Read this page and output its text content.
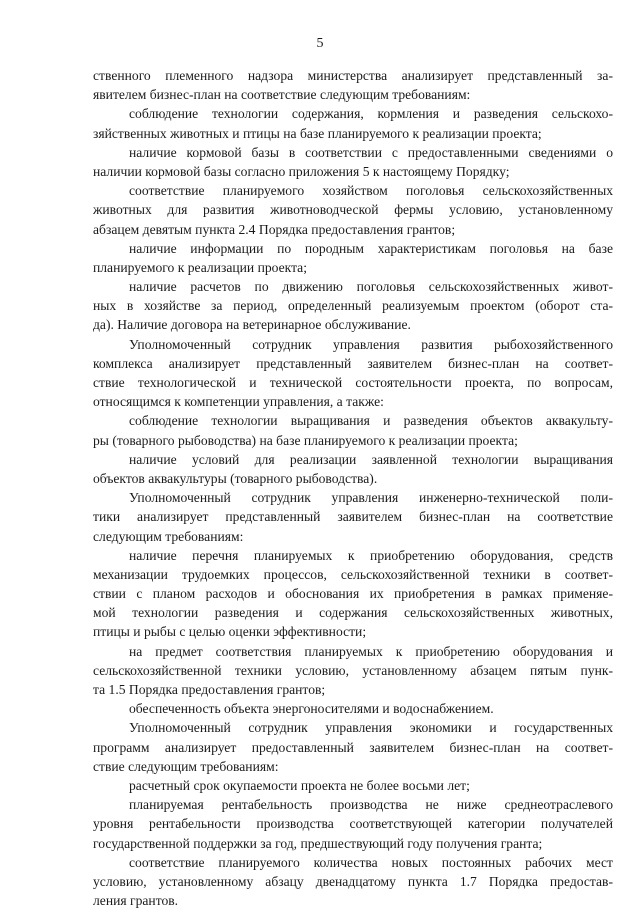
5
ственного племенного надзора министерства анализирует представленный за-
явителем бизнес-план на соответствие следующим требованиям:
соблюдение технологии содержания, кормления и разведения сельскохо-
зяйственных животных и птицы на базе планируемого к реализации проекта;
наличие кормовой базы в соответствии с предоставленными сведениями о
наличии кормовой базы согласно приложения 5 к настоящему Порядку;
соответствие планируемого хозяйством поголовья сельскохозяйственных
животных для развития животноводческой фермы условию, установленному
абзацем девятым пункта 2.4 Порядка предоставления грантов;
наличие информации по породным характеристикам поголовья на базе
планируемого к реализации проекта;
наличие расчетов по движению поголовья сельскохозяйственных живот-
ных в хозяйстве за период, определенный реализуемым проектом (оборот ста-
да). Наличие договора на ветеринарное обслуживание.
Уполномоченный сотрудник управления развития рыбохозяйственного
комплекса анализирует представленный заявителем бизнес-план на соответ-
ствие технологической и технической состоятельности проекта, по вопросам,
относящимся к компетенции управления, а также:
соблюдение технологии выращивания и разведения объектов аквакульту-
ры (товарного рыбоводства) на базе планируемого к реализации проекта;
наличие условий для реализации заявленной технологии выращивания
объектов аквакультуры (товарного рыбоводства).
Уполномоченный сотрудник управления инженерно-технической поли-
тики анализирует представленный заявителем бизнес-план на соответствие
следующим требованиям:
наличие перечня планируемых к приобретению оборудования, средств
механизации трудоемких процессов, сельскохозяйственной техники в соответ-
ствии с планом расходов и обоснования их приобретения в рамках применяе-
мой технологии разведения и содержания сельскохозяйственных животных,
птицы и рыбы с целью оценки эффективности;
на предмет соответствия планируемых к приобретению оборудования и
сельскохозяйственной техники условию, установленному абзацем пятым пунк-
та 1.5 Порядка предоставления грантов;
обеспеченность объекта энергоносителями и водоснабжением.
Уполномоченный сотрудник управления экономики и государственных
программ анализирует предоставленный заявителем бизнес-план на соответ-
ствие следующим требованиям:
расчетный срок окупаемости проекта не более восьми лет;
планируемая рентабельность производства не ниже среднеотраслевого
уровня рентабельности производства соответствующей категории получателей
государственной поддержки за год, предшествующий году получения гранта;
соответствие планируемого количества новых постоянных рабочих мест
условию, установленному абзацу двенадцатому пункта 1.7 Порядка предостав-
ления грантов.
